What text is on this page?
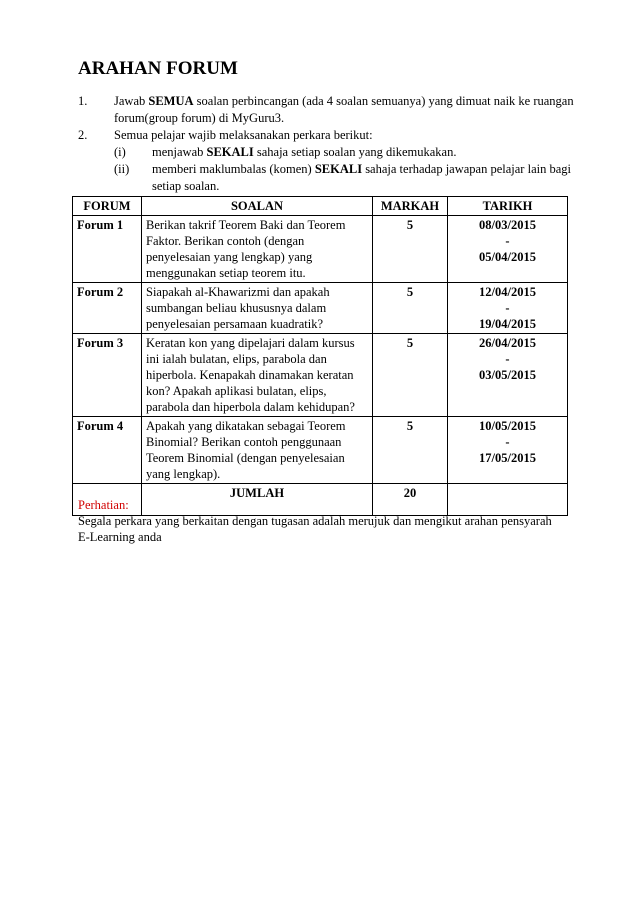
ARAHAN FORUM
1. Jawab SEMUA soalan perbincangan (ada 4 soalan semuanya) yang dimuat naik ke ruangan forum(group forum) di MyGuru3.
2. Semua pelajar wajib melaksanakan perkara berikut:
(i) menjawab SEKALI sahaja setiap soalan yang dikemukakan.
(ii) memberi maklumbalas (komen) SEKALI sahaja terhadap jawapan pelajar lain bagi setiap soalan.
FORUM	SOALAN	MARKAH	TARIKH
Forum 1	Berikan takrif Teorem Baki dan Teorem Faktor. Berikan contoh (dengan penyelesaian yang lengkap) yang menggunakan setiap teorem itu.	5	08/03/2015
-
05/04/2015

Forum 2	Siapakah al-Khawarizmi dan apakah sumbangan beliau khususnya dalam penyelesaian persamaan kuadratik?	5	12/04/2015
-
19/04/2015

Forum 3	Keratan kon yang dipelajari dalam kursus ini ialah bulatan, elips, parabola dan hiperbola. Kenapakah dinamakan keratan kon? Apakah aplikasi bulatan, elips, parabola dan hiperbola dalam kehidupan?	5	26/04/2015
-
03/05/2015

Forum 4	Apakah yang dikatakan sebagai Teorem Binomial? Berikan contoh penggunaan Teorem Binomial (dengan penyelesaian yang lengkap).	5	10/05/2015
-
17/05/2015

	JUMLAH	20	
Perhatian:
Segala perkara yang berkaitan dengan tugasan adalah merujuk dan mengikut arahan pensyarah E-Learning anda
